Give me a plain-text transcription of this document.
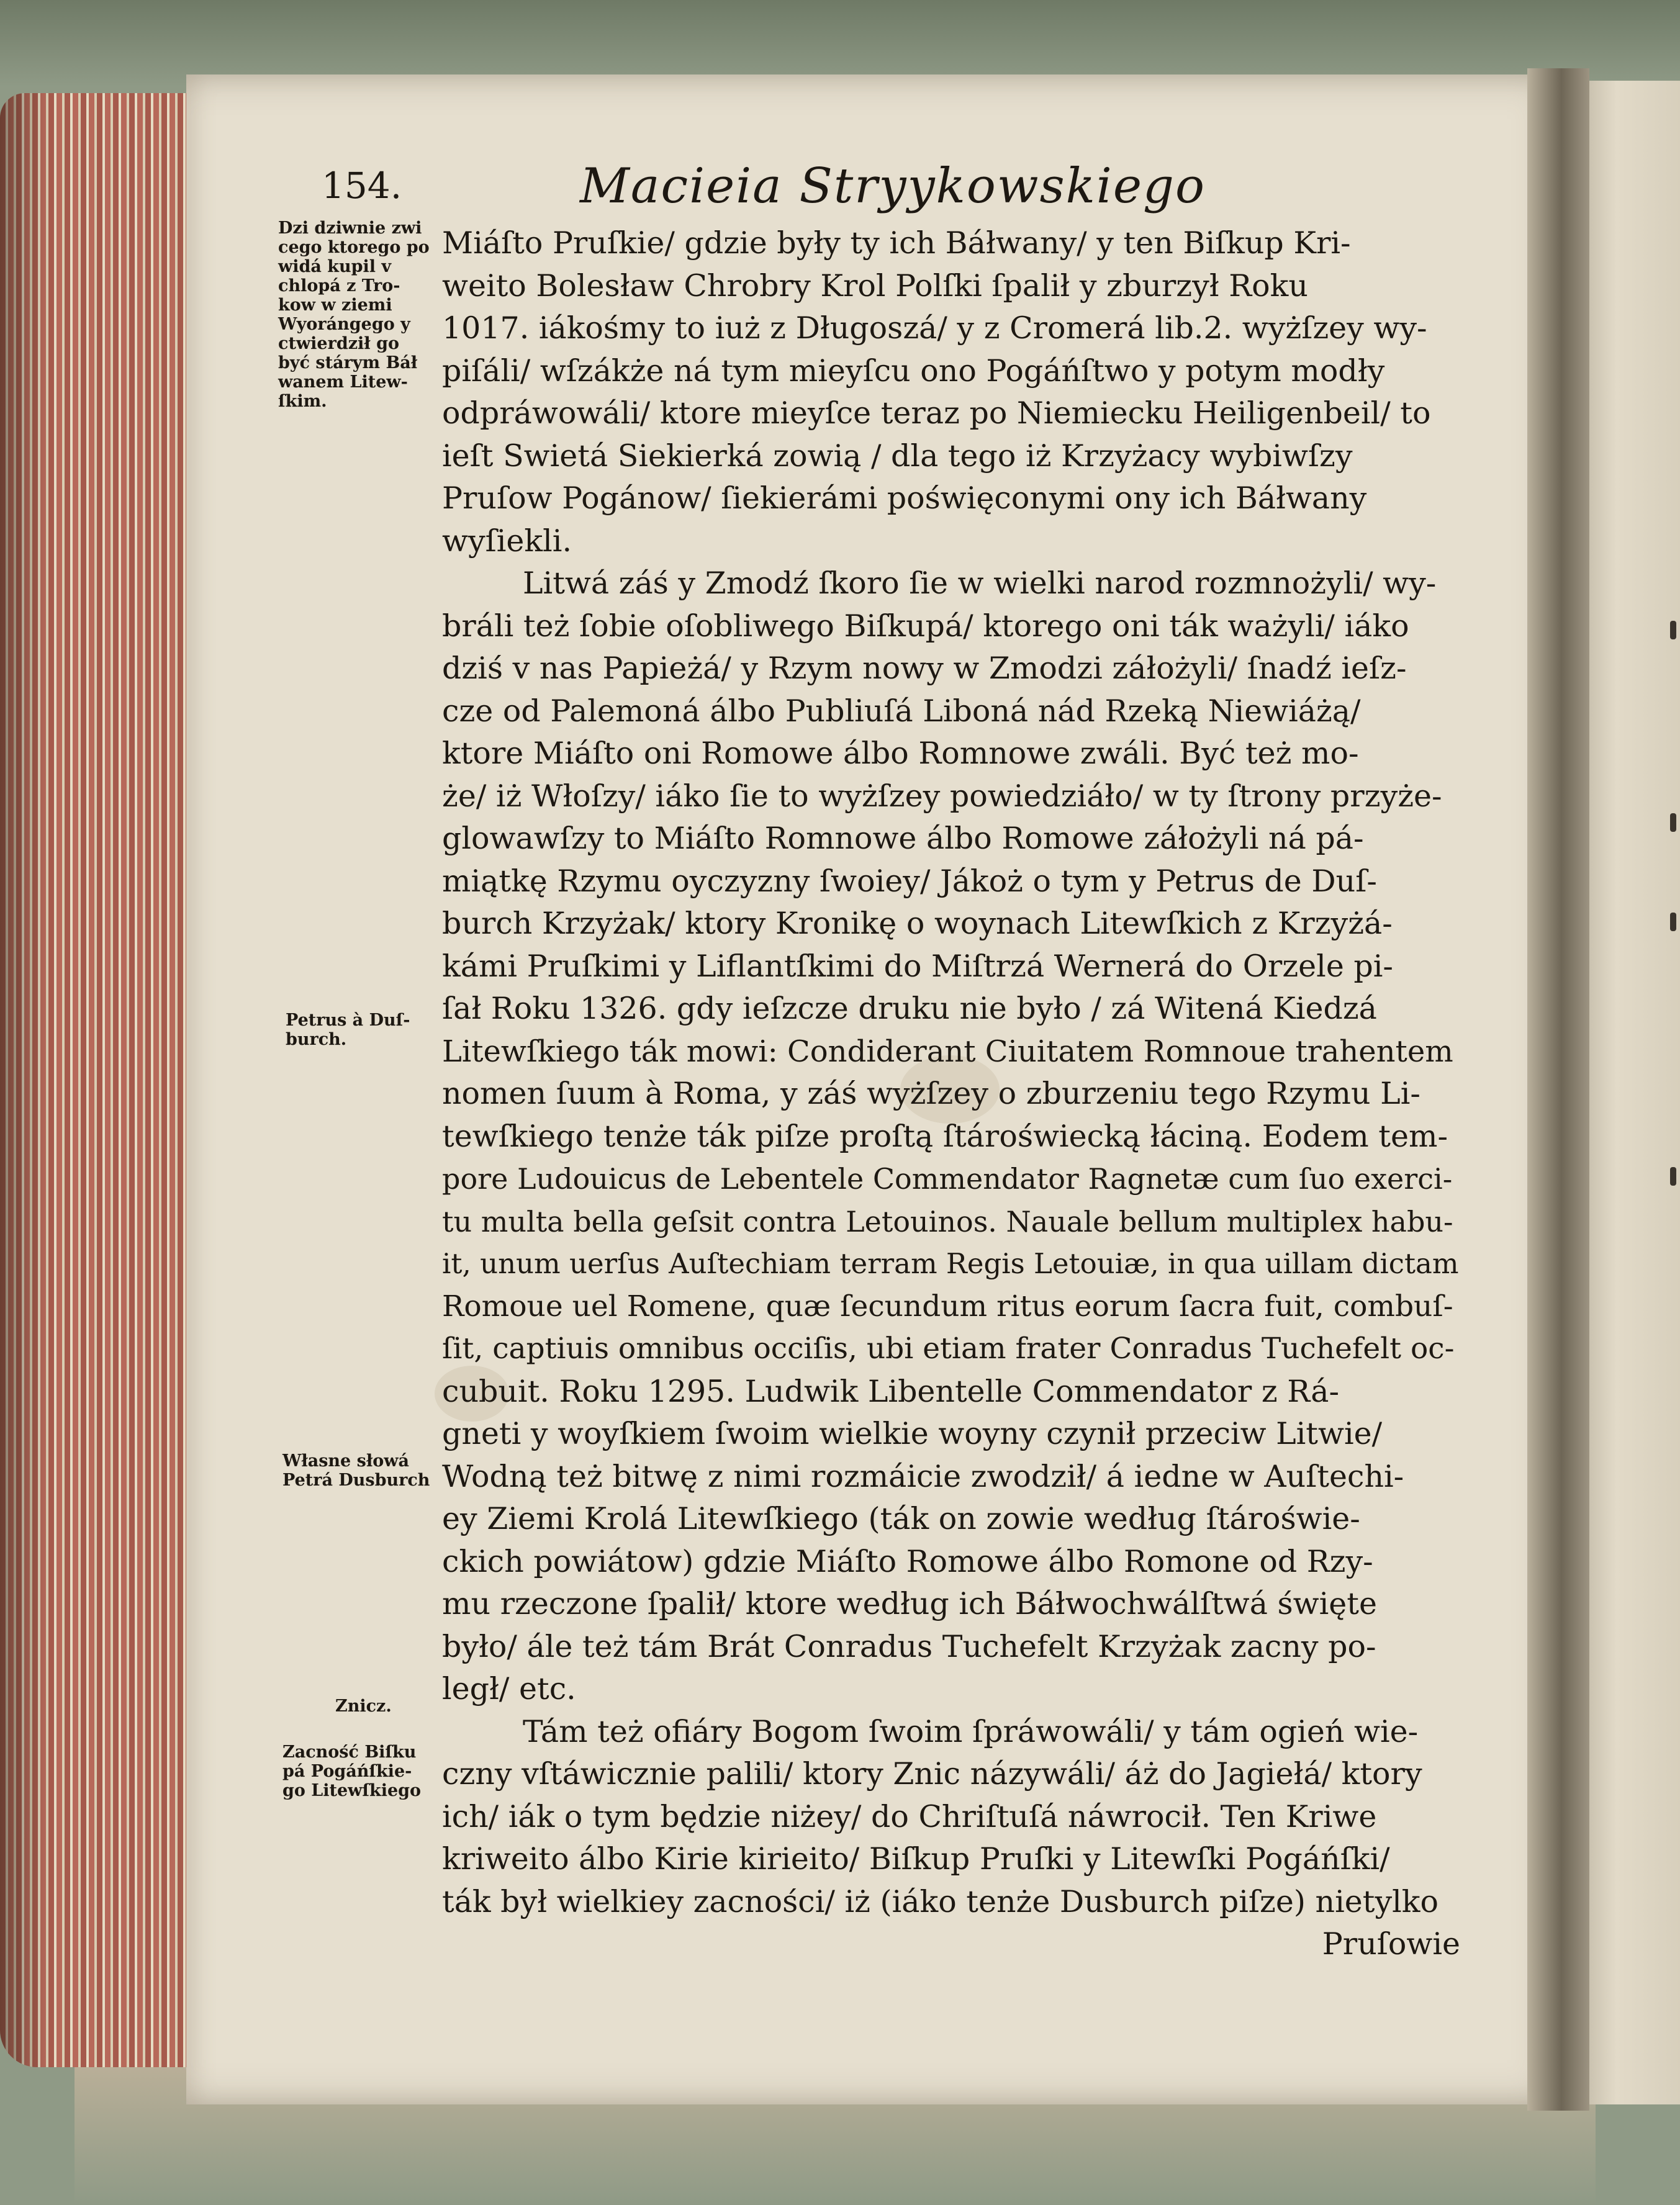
154.	Macieia Stryykowskiego
Dzi dziwnie zwi
cego ktorego po
widá kupil v
chlopá z Tro-
kow w ziemi
Wyorángego y
ctwierdził go
być stárym Báł
wanem Litew-
ſkim.
Petrus à Duſ-
burch.
Własne słowá
Petrá Dusburch
Znicz.
Zacność Biſku
pá Pogáńſkie-
go Litewſkiego
Miáſto Pruſkie/ gdzie były ty ich Báłwany/ y ten Biſkup Kri-
weito Bolesław Chrobry Krol Polſki ſpalił y zburzył Roku
1017. iákośmy to iuż z Długoszá/ y z Cromerá lib.2. wyżſzey wy-
piſáli/ wſzákże ná tym mieyſcu ono Pogáńſtwo y potym modły
odpráwowáli/ ktore mieyſce teraz po Niemiecku Heiligenbeil/ to
ieſt Swietá Siekierká zowią / dla tego iż Krzyżacy wybiwſzy
Pruſow Pogánow/ ſiekierámi poświęconymi ony ich Báłwany
wyſiekli.
Litwá záś y Zmodź ſkoro ſie w wielki narod rozmnożyli/ wy-
bráli też ſobie oſobliwego Biſkupá/ ktorego oni ták ważyli/ iáko
dziś v nas Papieżá/ y Rzym nowy w Zmodzi záłożyli/ ſnadź ieſz-
cze od Palemoná álbo Publiuſá Liboná nád Rzeką Niewiáżą/
ktore Miáſto oni Romowe álbo Romnowe zwáli. Być też mo-
że/ iż Włoſzy/ iáko ſie to wyżſzey powiedziáło/ w ty ſtrony przyże-
glowawſzy to Miáſto Romnowe álbo Romowe záłożyli ná pá-
miątkę Rzymu oyczyzny ſwoiey/ Jákoż o tym y Petrus de Duſ-
burch Krzyżak/ ktory Kronikę o woynach Litewſkich z Krzyżá-
kámi Pruſkimi y Liflantſkimi do Miſtrzá Wernerá do Orzele pi-
ſał Roku 1326. gdy ieſzcze druku nie było / zá Witená Kiedzá
Litewſkiego ták mowi: Condiderant Ciuitatem Romnoue trahentem
nomen ſuum à Roma, y záś wyżſzey o zburzeniu tego Rzymu Li-
tewſkiego tenże ták piſze proſtą ſtároświecką łáciną. Eodem tem-
pore Ludouicus de Lebentele Commendator Ragnetæ cum ſuo exerci-
tu multa bella geſsit contra Letouinos. Nauale bellum multiplex habu-
it, unum uerſus Auſtechiam terram Regis Letouiæ, in qua uillam dictam
Romoue uel Romene, quæ ſecundum ritus eorum ſacra fuit, combuſ-
ſit, captiuis omnibus occiſis, ubi etiam frater Conradus Tuchefelt oc-
cubuit. Roku 1295. Ludwik Libentelle Commendator z Rá-
gneti y woyſkiem ſwoim wielkie woyny czynił przeciw Litwie/
Wodną też bitwę z nimi rozmáicie zwodził/ á iedne w Auſtechi-
ey Ziemi Krolá Litewſkiego (ták on zowie według ſtároświe-
ckich powiátow) gdzie Miáſto Romowe álbo Romone od Rzy-
mu rzeczone ſpalił/ ktore według ich Báłwochwálſtwá święte
było/ ále też tám Brát Conradus Tuchefelt Krzyżak zacny po-
legł/ etc.
Tám też ofiáry Bogom ſwoim ſpráwowáli/ y tám ogień wie-
czny vſtáwicznie palili/ ktory Znic názywáli/ áż do Jagiełá/ ktory
ich/ iák o tym będzie niżey/ do Chriſtuſá náwrocił. Ten Kriwe
kriweito álbo Kirie kirieito/ Biſkup Pruſki y Litewſki Pogáńſki/
ták był wielkiey zacności/ iż (iáko tenże Dusburch piſze) nietylko
Pruſowie
